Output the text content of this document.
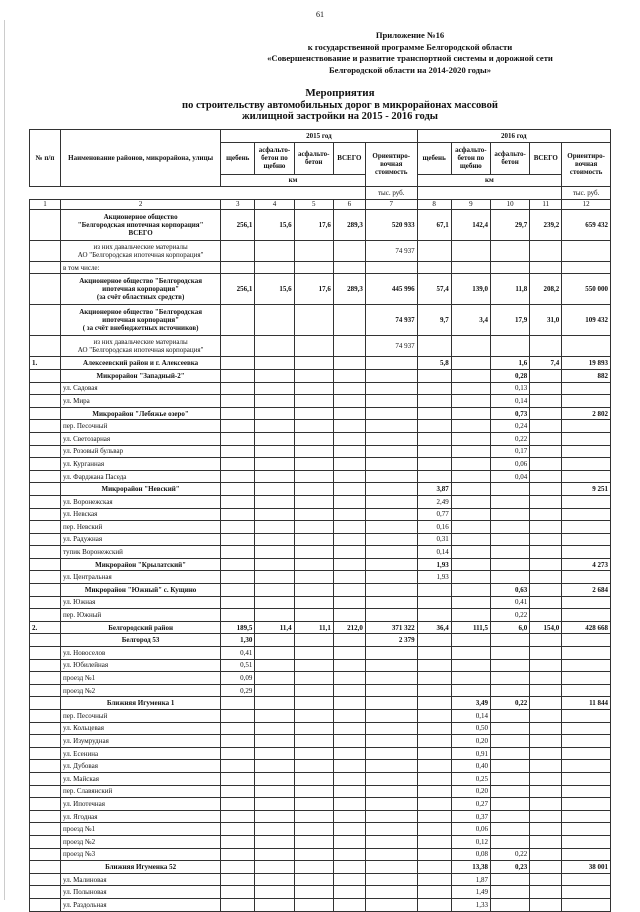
61
Приложение №16
к государственной программе Белгородской области
«Совершенствование и развитие транспортной системы и дорожной сети
Белгородской области на 2014-2020 годы»
Мероприятия
по строительству автомобильных дорог в микрорайонах массовой
жилищной застройки на 2015 - 2016 годы
№ п/п	Наименование районов, микрорайона, улицы	2015 год					2016 год				
		щебень	асфальто-бетон по щебню	асфальто-бетон	ВСЕГО	Ориентиро-вочная стоимость	щебень	асфальто-бетон по щебню	асфальто-бетон	ВСЕГО	Ориентиро-вочная стоимость
		км					км				
						тыс. руб.					тыс. руб.
1	2	3	4	5	6	7	8	9	10	11	12
	Акционерное общество
"Белгородская ипотечная корпорация"
ВСЕГО	256,1	15,6	17,6	289,3	520 933	67,1	142,4	29,7	239,2	659 432
	из них давальческие материалы
АО "Белгородская ипотечная корпорация"					74 937					
	в том числе:										
	Акционерное общество "Белгородская ипотечная корпорация"
(за счёт областных средств)	256,1	15,6	17,6	289,3	445 996	57,4	139,0	11,8	208,2	550 000
	Акционерное общество "Белгородская ипотечная корпорация"
( за счёт внебюджетных источников)					74 937	9,7	3,4	17,9	31,0	109 432
	из них давальческие материалы
АО "Белгородская ипотечная корпорация"					74 937					
1.	Алексеевский район и г. Алексеевка						5,8		1,6	7,4	19 893
	Микрорайон "Западный-2"								0,28		882
	ул. Садовая								0,13		
	ул. Мира								0,14		
	Микрорайон "Лебяжье озеро"								0,73		2 802
	пер. Песочный								0,24		
	ул. Светозарная								0,22		
	ул. Розовый бульвар								0,17		
	ул. Курганная								0,06		
	ул. Фарджана Паседа								0,04		
	Микрорайон "Невский"						3,87				9 251
	ул. Воронежская						2,49				
	ул. Невская						0,77				
	пер. Невский						0,16				
	ул. Радужная						0,31				
	тупик Воронежский						0,14				
	Микрорайон "Крылатский"						1,93				4 273
	ул. Центральная						1,93				
	Микрорайон "Южный" с. Кущино								0,63		2 684
	ул. Южная								0,41		
	пер. Южный								0,22		
2.	Белгородский район	189,5	11,4	11,1	212,0	371 322	36,4	111,5	6,0	154,0	428 668
	Белгород 53	1,30				2 379					
	ул. Новоселов	0,41									
	ул. Юбилейная	0,51									
	проезд №1	0,09									
	проезд №2	0,29									
	Ближняя Игуменка 1							3,49	0,22		11 844
	пер. Песочный							0,14			
	ул. Кольцевая							0,50			
	ул. Изумрудная							0,20			
	ул. Есенина							0,91			
	ул. Дубовая							0,40			
	ул. Майская							0,25			
	пер. Славянский							0,20			
	ул. Ипотечная							0,27			
	ул. Ягодная							0,37			
	проезд №1							0,06			
	проезд №2							0,12			
	проезд №3							0,08	0,22		
	Ближняя Игуменка 52							13,38	0,23		38 001
	ул. Малиновая							1,87			
	ул. Полыновая							1,49			
	ул. Раздольная							1,33			
